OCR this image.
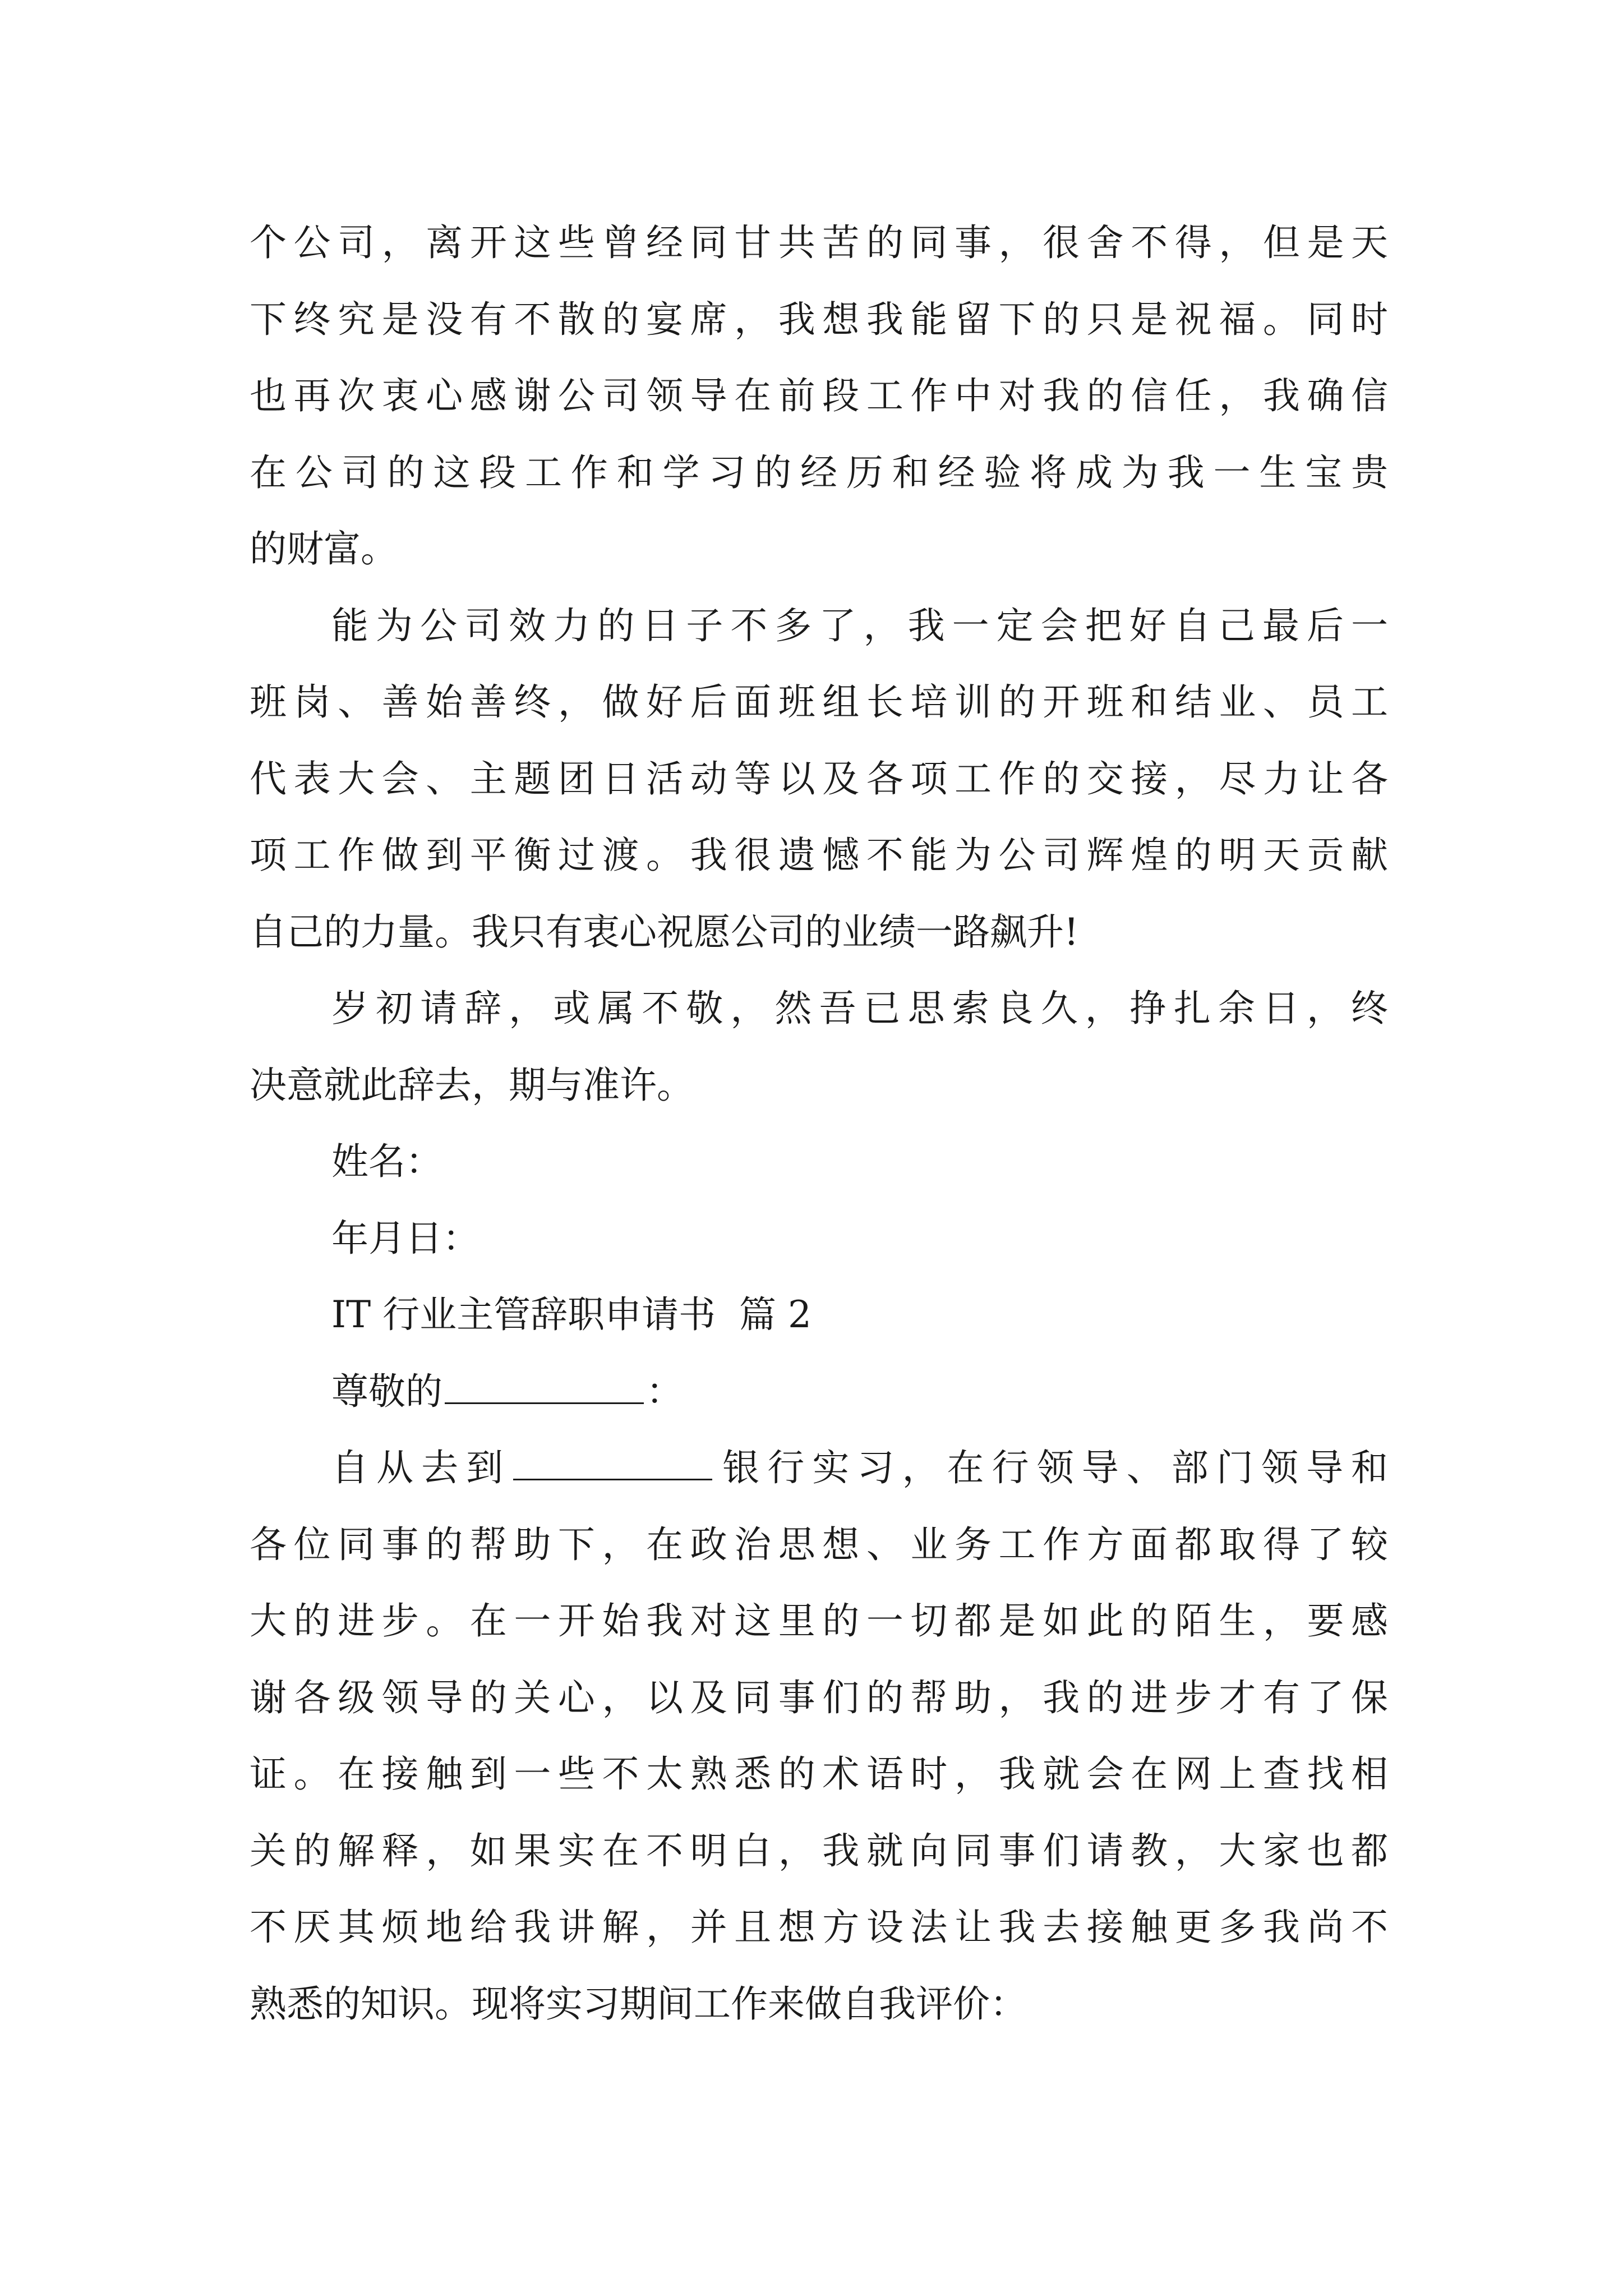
个公司，离开这些曾经同甘共苦的同事，很舍不得，但是天
下终究是没有不散的宴席，我想我能留下的只是祝福。同时
也再次衷心感谢公司领导在前段工作中对我的信任，我确信
在公司的这段工作和学习的经历和经验将成为我一生宝贵
的财富。
能为公司效力的日子不多了，我一定会把好自己最后一
班岗、善始善终，做好后面班组长培训的开班和结业、员工
代表大会、主题团日活动等以及各项工作的交接，尽力让各
项工作做到平衡过渡。我很遗憾不能为公司辉煌的明天贡献
自己的力量。我只有衷心祝愿公司的业绩一路飙升!
岁初请辞，或属不敬，然吾已思索良久，挣扎余日，终
决意就此辞去，期与准许。
姓名：
年月日：
IT 行业主管辞职申请书  篇 2
尊敬的	：
自从去到	银行实习，在行领导、部门领导和
各位同事的帮助下，在政治思想、业务工作方面都取得了较
大的进步。在一开始我对这里的一切都是如此的陌生，要感
谢各级领导的关心，以及同事们的帮助，我的进步才有了保
证。在接触到一些不太熟悉的术语时，我就会在网上查找相
关的解释，如果实在不明白，我就向同事们请教，大家也都
不厌其烦地给我讲解，并且想方设法让我去接触更多我尚不
熟悉的知识。现将实习期间工作来做自我评价：
